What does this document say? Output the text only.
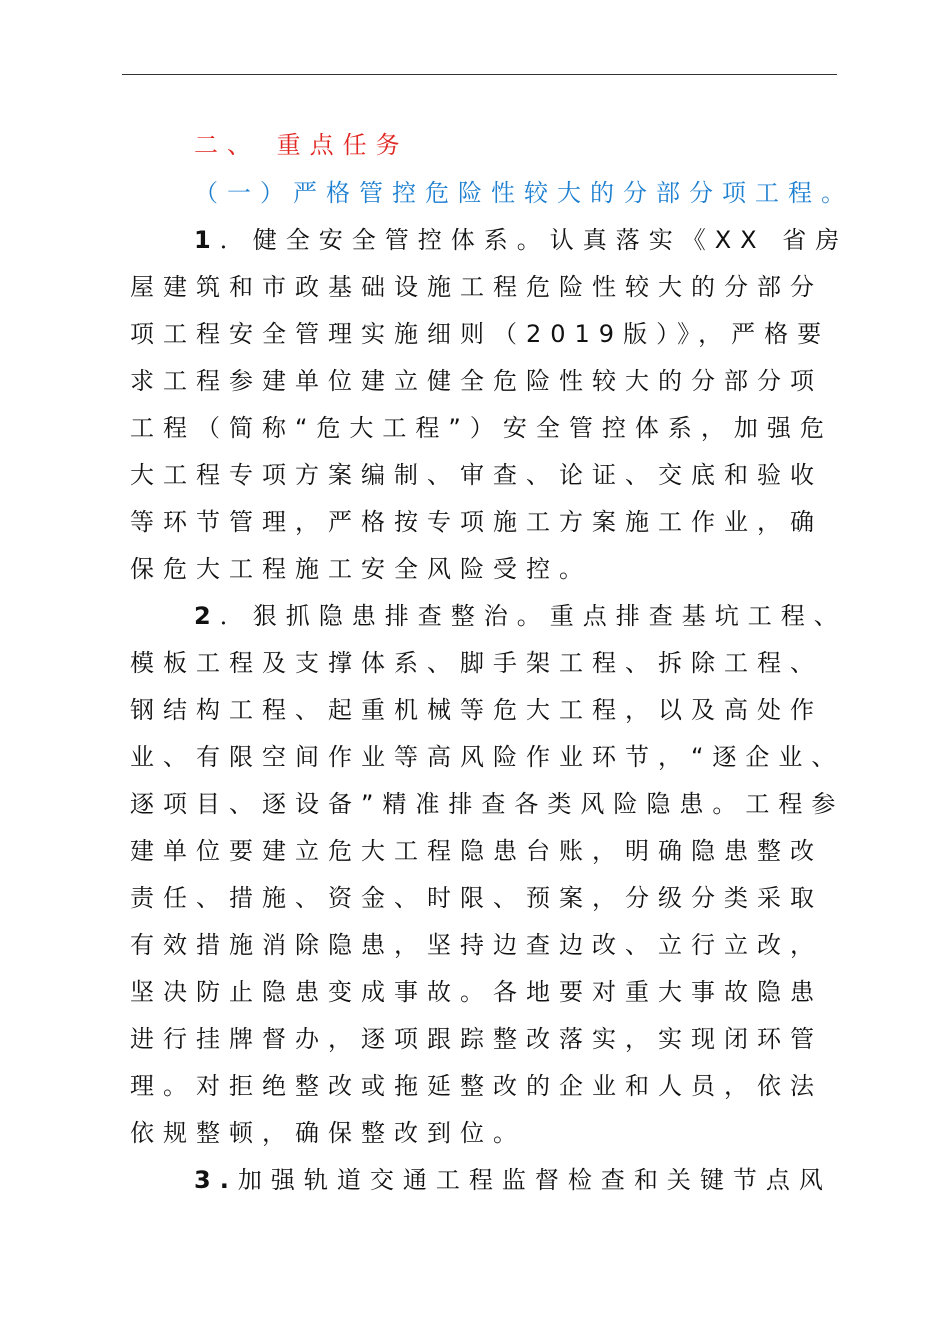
二、 重点任务
（一）严格管控危险性较大的分部分项工程。
1．健全安全管控体系。认真落实《XX 省房
屋建筑和市政基础设施工程危险性较大的分部分
项工程安全管理实施细则（2019版）》，严格要
求工程参建单位建立健全危险性较大的分部分项
工程（简称“危大工程”）安全管控体系，加强危
大工程专项方案编制、审查、论证、交底和验收
等环节管理，严格按专项施工方案施工作业，确
保危大工程施工安全风险受控。
2．狠抓隐患排查整治。重点排查基坑工程、
模板工程及支撑体系、脚手架工程、拆除工程、
钢结构工程、起重机械等危大工程，以及高处作
业、有限空间作业等高风险作业环节，“逐企业、
逐项目、逐设备”精准排查各类风险隐患。工程参
建单位要建立危大工程隐患台账，明确隐患整改
责任、措施、资金、时限、预案，分级分类采取
有效措施消除隐患，坚持边查边改、立行立改，
坚决防止隐患变成事故。各地要对重大事故隐患
进行挂牌督办，逐项跟踪整改落实，实现闭环管
理。对拒绝整改或拖延整改的企业和人员，依法
依规整顿，确保整改到位。
3.加强轨道交通工程监督检查和关键节点风
